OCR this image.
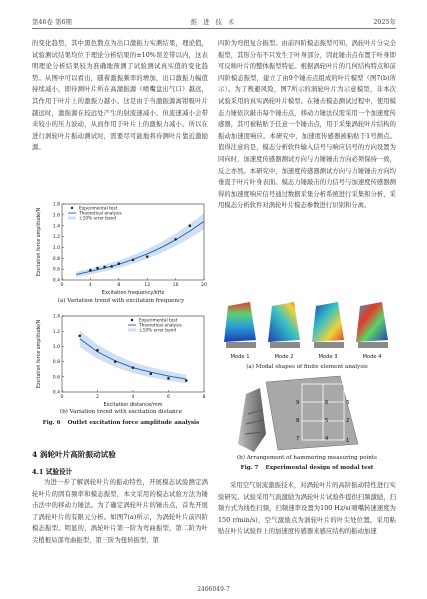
第46卷 第6期	推 进 技 术	2025年

的变化趋势，其中黑色散点为出口激振力实测结果，理论值，试验测试结果均位于理论分析结果的±10%误差带以内，这表明理论分析结果较为准确地预测了试验测试真实值的变化趋势。从图中可以看出，随着激振频率的增加，出口激振力幅值持续减小，即待测叶片所在高激振源（喷嘴盘出气口）越远，其作用于叶片上的激振力越小。这是由于当激振源离钳吸叶片越远时，激振源在较远处产生的射流速减小，但流速减小会带来较小的压力波动，从而作用于叶片上的激振力减小。所以在进行涡轮叶片振动测试时，需要尽可能地将待测叶片靠近激励源。

0	4	8	12	16	20
0.4
0.6
0.8
1.0
1.2
1.4
1.6
1.8
Excitation frequency/kHz
Excitation force amplitude/N	Experimental test
Theoretical analysis
±10% error band
(a) Variation trend with excitation frequency
0	2	4	6	8
0.4
0.6
0.8
1.0
1.2
1.4
Excitation distance/mm
Excitation force amplitude/N	Experimental test
Theoretical analysis
±10% error band
(b) Variation trend with excitation distance
Fig. 6 Outlet excitation force amplitude analysis
4 涡轮叶片高阶振动试验
4.1 试验设计

为进一步了解涡轮叶片的振动特性，开展模态试验测定涡轮叶片的固有频率和模态振型，本文采用的模态试验方法为锤击法中的移动力锤法。为了确定涡轮叶片的锤击点，首先开展了涡轮叶片的有限元分析。如图7(a)所示，为涡轮叶片前四阶模态振型。明显的，涡轮叶片第一阶为弯曲振型，第二阶为叶尖植根局部弯曲振型，第三阶为扭转振型，第

四阶为弯扭复合振型。由前四阶模态振型可知，涡轮叶片分完全振型，其形分布不只发生于叶身部分，因此锤击点布置于叶身即可反映叶片的整体振型特征。根据涡轮叶片的几何结构特点和前四阶模态振型，建立了由9个锤击点组成的叶片模型（图7(b)所示）。为了规避风险，图7所示的涡轮叶片为示意模型，非本次试验采用的真实涡轮叶片模型。在锤击模态测试过程中，使用模态力锤依次敲击每个锤击点，移动力锤法仅需采用一个加速度传感器，其可被粘贴于任意一个锤击点，用于采集涡轮叶片结构的振动加速度响应。本研究中，加速度传感器被粘贴于1号测点。值得注意的是，模态分析软件输入信号与响应信号的方向设置为同向时，加速度传感器测试方向与力锤锤击方向必须保持一致，反之亦然。本研究中，加速度传感器测试方向与力锤锤击方向均垂直于叶片叶身表面。模态力锤敲击的力信号与加速度传感器测得的加速度响应信号通过数据采集分析系统进行采集和分析，采用模态分析软件对涡轮叶片模态参数进行识别和分离。

Mode 1	Mode 2	Mode 3	Mode 4
(a) Modal shapes of finite element analysis
1
2
3
4
5
6
7
8
9
(b) Arrangement of hammering measuring points
Fig. 7 Experimental design of modal test

采用空气射流激振技术，对涡轮叶片的高阶振动特性进行实验研究。试验采用气流激励为涡轮叶片试验件提供扫频激励，扫频方式为线性扫频，扫频速率设置为100 Hz/s(喷嘴转速速度为150 r/min/s)，空气激励点为涡轮叶片的叶尖处位置。采用粘贴在叶片试验件上的加速度传感器来感应结构的振动加速

2406049-7
